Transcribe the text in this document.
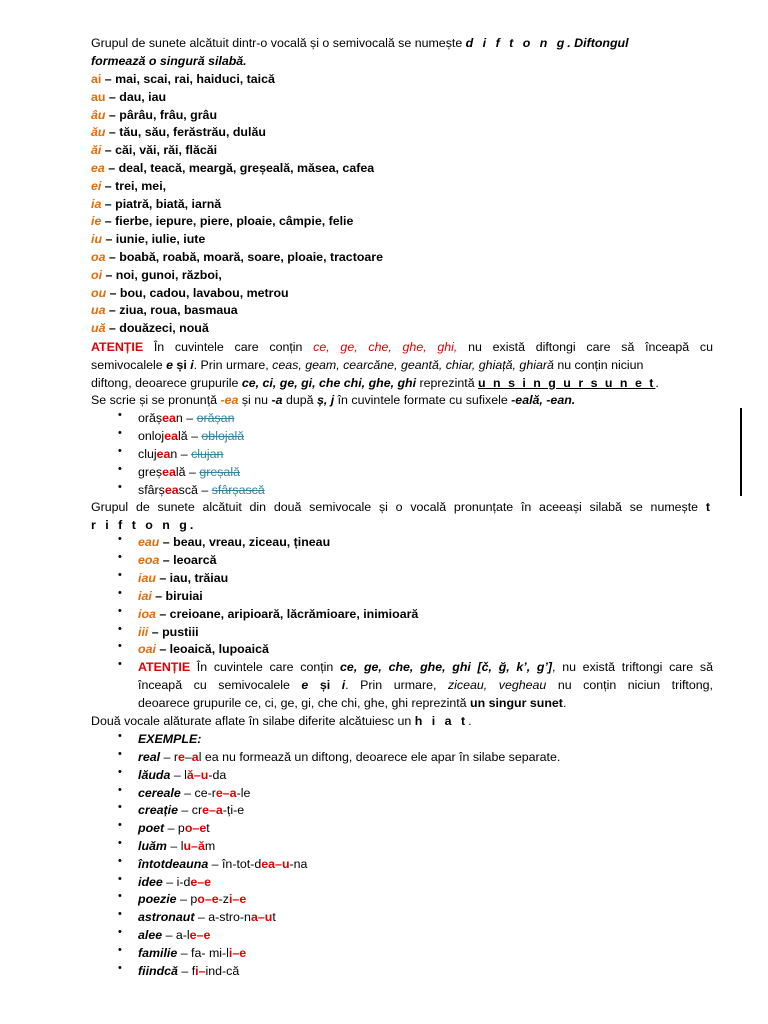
Grupul de sunete alcătuit dintr-o vocală și o semivocală se numește d i f t o n g. Diftongul
formează o singură silabă.
ai – mai, scai, rai, haiduci, taică
au – dau, iau
âu – pârâu, frâu, grâu
ău – tău, său, ferăstrău, dulău
ăi – căi, văi, răi, flăcăi
ea – deal, teacă, meargă, greșeală, măsea, cafea
ei – trei, mei,
ia – piatră, biată, iarnă
ie – fierbe, iepure, piere, ploaie, câmpie, felie
iu – iunie, iulie, iute
oa – boabă, roabă, moară, soare, ploaie, tractoare
oi – noi, gunoi, război,
ou – bou, cadou, lavabou, metrou
ua – ziua, roua, basmaua
uă – douăzeci, nouă
ATENȚIE În cuvintele care conțin ce, ge, che, ghe, ghi, nu există diftongi care să înceapă cu
semivocalele e și i. Prin urmare, ceas, geam, cearcăne, geantă, chiar, ghiață, ghiară nu conțin niciun
diftong, deoarece grupurile ce, ci, ge, gi, che chi, ghe, ghi reprezintă u n s i n g u r s u n e t.
Se scrie și se pronunță -ea și nu -a după ș, j în cuvintele formate cu sufixele -eală, -ean.
• orășean – orășan
• onlojeală – oblojală
• clujean – clujan
• greșeală – greșală
• sfârșească – sfârșască
Grupul de sunete alcătuit din două semivocale și o vocală pronunțate în aceeași silabă se numește t
r i f t o n g.
• eau – beau, vreau, ziceau, țineau
• eoa – leoarcă
• iau – iau, trăiau
• iai – biruiai
• ioa – creioane, aripioară, lăcrămioare, inimioară
• iii – pustiii
• oai – leoaică, lupoaică
• ATENȚIE În cuvintele care conțin ce, ge, che, ghe, ghi [č, ğ, k’, g’], nu există triftongi care să
înceapă cu semivocalele e și i. Prin urmare, ziceau, vegheau nu conțin niciun triftong,
deoarece grupurile ce, ci, ge, gi, che chi, ghe, ghi reprezintă un singur sunet.
Două vocale alăturate aflate în silabe diferite alcătuiesc un h i a t.
• EXEMPLE:
• real – re–al ea nu formează un diftong, deoarece ele apar în silabe separate.
• lăuda – lă–u-da
• cereale – ce-re–a-le
• creație – cre–a-ți-e
• poet – po–et
• luăm – lu–ăm
• întotdeauna – în-tot-dea–u-na
• idee – i-de–e
• poezie – po–e-zi–e
• astronaut – a-stro-na–ut
• alee – a-le–e
• familie – fa- mi-li–e
• fiindcă – fi–ind-că
